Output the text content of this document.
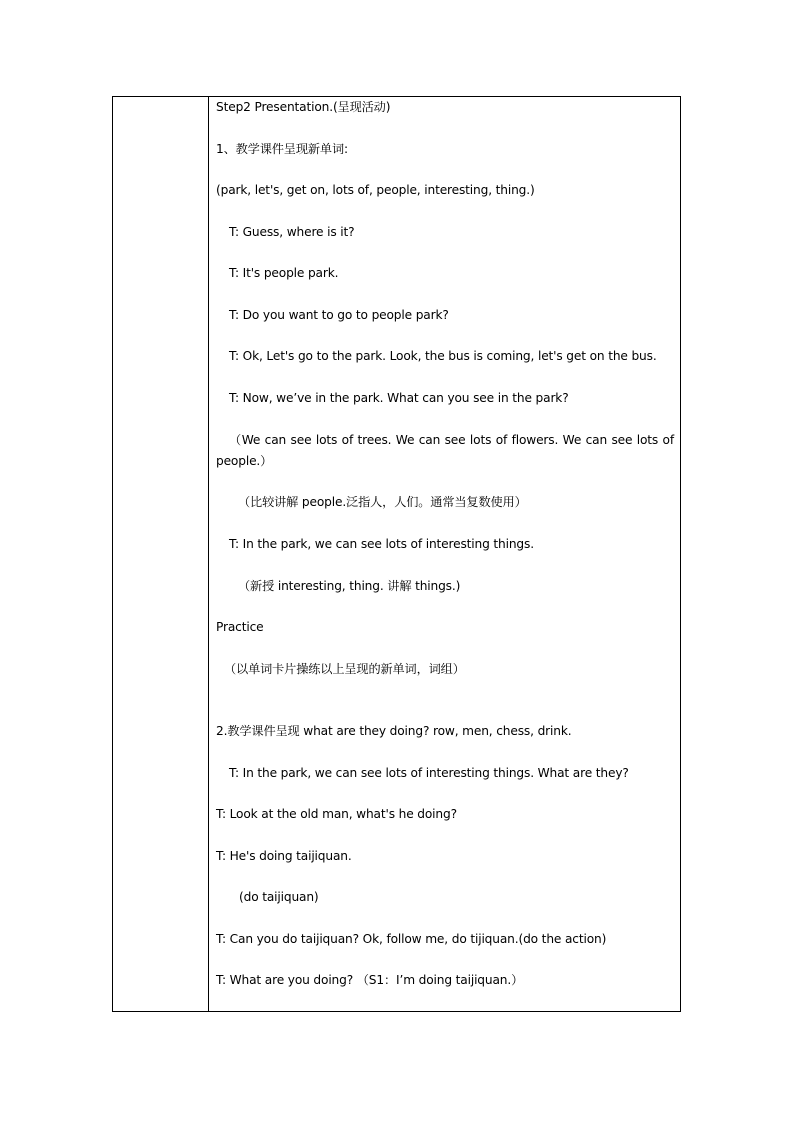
Step2 Presentation.(呈现活动)
1、教学课件呈现新单词:
(park, let's, get on, lots of, people, interesting, thing.)
T: Guess, where is it?
T: It's people park.
T: Do you want to go to people park?
T: Ok, Let's go to the park. Look, the bus is coming, let's get on the bus.
T: Now, we’ve in the park. What can you see in the park?
（We can see lots of trees. We can see lots of flowers. We can see lots of people.）
（比较讲解 people.泛指人，人们。通常当复数使用）
T: In the park, we can see lots of interesting things.
（新授 interesting, thing. 讲解 things.)
Practice
（以单词卡片操练以上呈现的新单词，词组）
2.教学课件呈现 what are they doing? row, men, chess, drink.
T: In the park, we can see lots of interesting things. What are they?
T: Look at the old man, what's he doing?
T: He's doing taijiquan.
(do taijiquan)
T: Can you do taijiquan? Ok, follow me, do tijiquan.(do the action)
T: What are you doing? （S1：I’m doing taijiquan.）
